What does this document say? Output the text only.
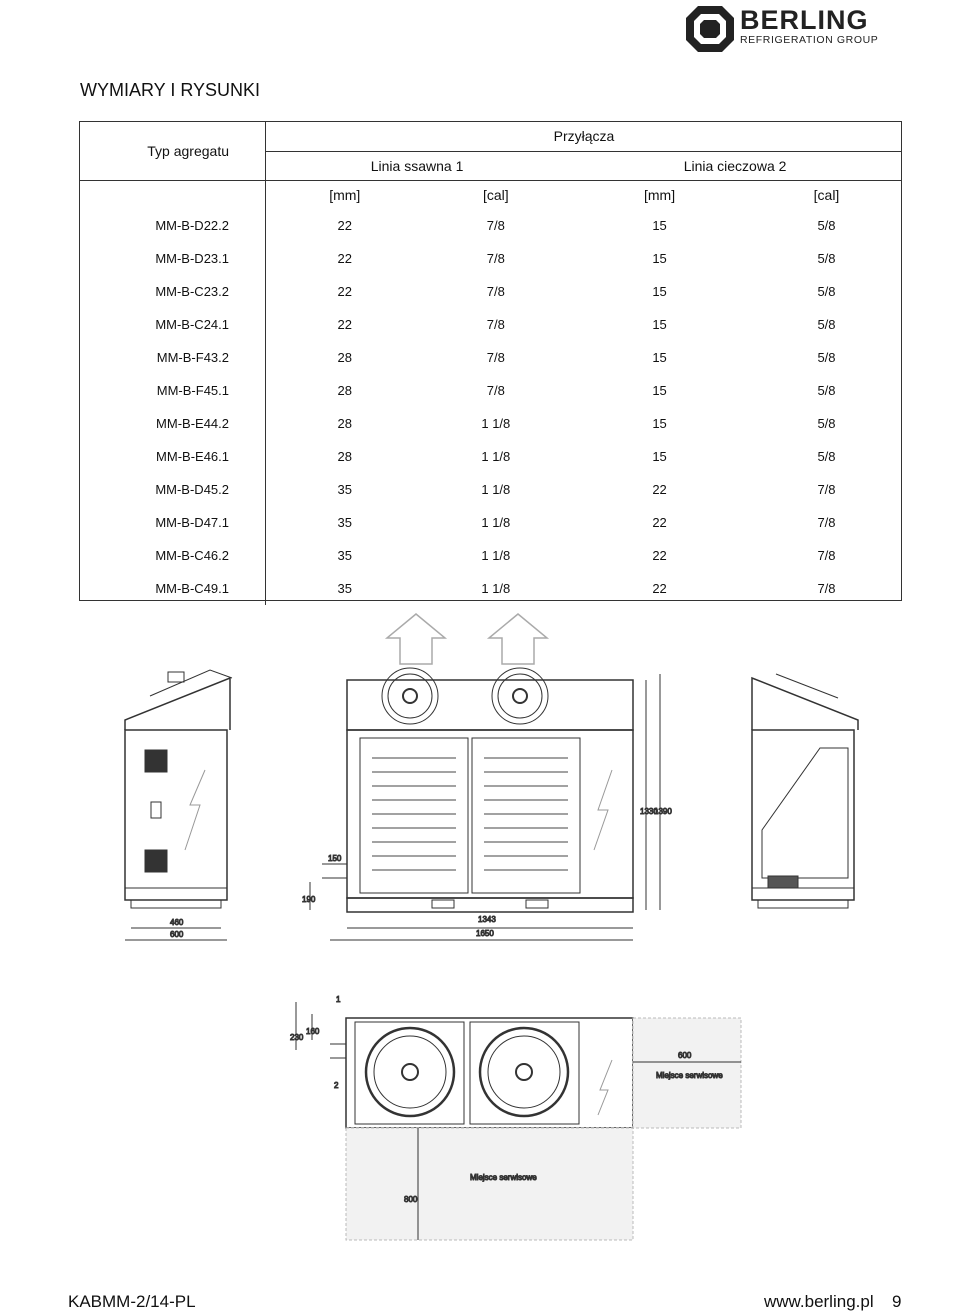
BERLING
REFRIGERATION GROUP
WYMIARY I RYSUNKI
Typ agregatu	Przyłącza			
	Linia ssawna 1		Linia cieczowa 2	
	[mm]	[cal]	[mm]	[cal]
MM-B-D22.2	22	7/8	15	5/8
MM-B-D23.1	22	7/8	15	5/8
MM-B-C23.2	22	7/8	15	5/8
MM-B-C24.1	22	7/8	15	5/8
MM-B-F43.2	28	7/8	15	5/8
MM-B-F45.1	28	7/8	15	5/8
MM-B-E44.2	28	1 1/8	15	5/8
MM-B-E46.1	28	1 1/8	15	5/8
MM-B-D45.2	35	1 1/8	22	7/8
MM-B-D47.1	35	1 1/8	22	7/8
MM-B-C46.2	35	1 1/8	22	7/8
MM-B-C49.1	35	1 1/8	22	7/8
460
600
1343
1650
150
190
1330
1390
1
2
230
160
600
Miejsce serwisowe
800
Miejsce serwisowe
KABMM-2/14-PL	www.berling.pl 9
